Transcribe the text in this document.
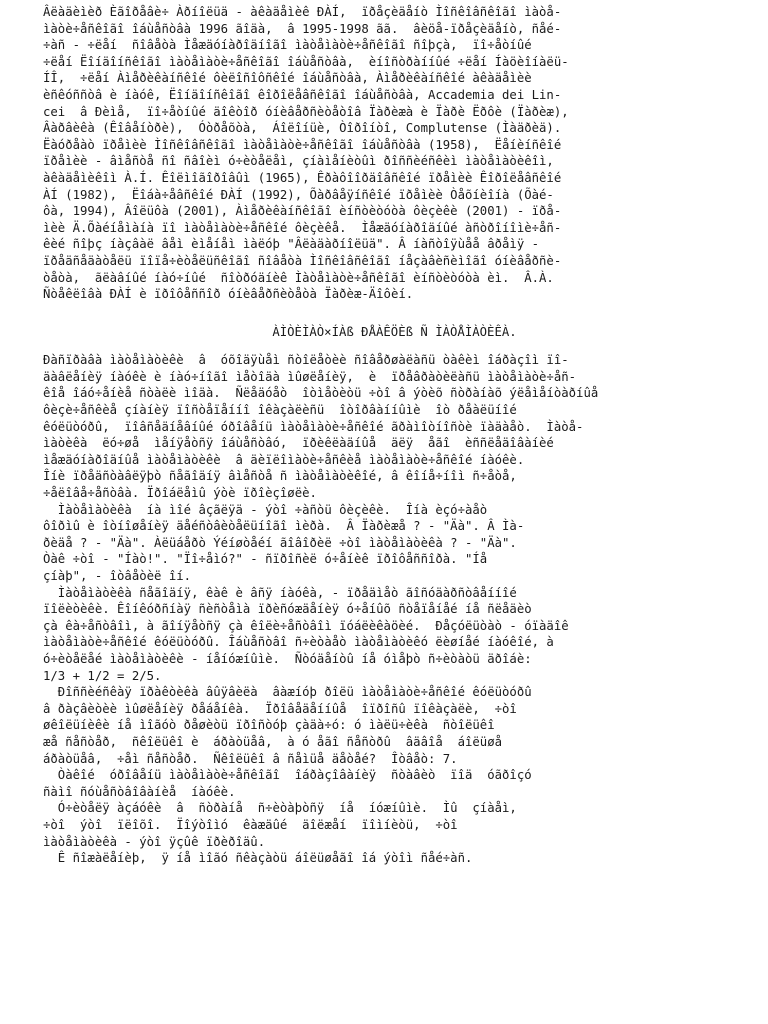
Âëàäèìèð Èãîðåâè÷ Àðíîëüä - àêàäåìèê ÐÀÍ,  ïðåçèäåíò Ìîñêîâñêîãî ìàòå-
ìàòè÷åñêîãî îáùåñòâà 1996 ãîäà,  â 1995-1998 ãã.  âèöå-ïðåçèäåíò, ñåé-
÷àñ - ÷ëåí  ñîâåòà Ìåæäóíàðîäíîãî ìàòåìàòè÷åñêîãî ñîþçà,  ïî÷åòíûé
÷ëåí Ëîíäîíñêîãî ìàòåìàòè÷åñêîãî îáùåñòâà,  èíîñòðàííûé ÷ëåí Íàöèîíàëü-
ÍÎ,  ÷ëåí Àìåðèêàíñêîé ôèëîñîôñêîé îáùåñòâà, Àìåðèêàíñêîé àêàäåìèè
èñêóññòâ è íàóê, Ëîíäîíñêîãî êîðîëåâñêîãî îáùåñòâà, Accademia dei Lin-
cei  â Ðèìå,  ïî÷åòíûé äîêòîð óíèâåðñèòåòîâ Ïàðèæà è Ïàðè Ëðôè (Ïàðèæ),
Âàðâèêà (Êîâåíòðè),  Óòðåõòà,  Áîëîíüè, Òîðîíòî, Complutense (Ìàäðèä).
Ëàóðåàò ïðåìèè Ìîñêîâñêîãî ìàòåìàòè÷åñêîãî îáùåñòâà (1958),  Ëåíèíñêîé
ïðåìèè - âìåñòå ñî ñâîèì ó÷èòåëåì, çíàìåíèòûì ðîññèéñêèì ìàòåìàòèêîì,
àêàäåìèêîì À.Í. Êîëìîãîðîâûì (1965), Êðàôîîðäîâñêîé ïðåìèè Êîðîëåâñêîé
ÀÍ (1982),  Ëîáà÷åâñêîé ÐÀÍ (1992), Õàðâåÿíñêîé ïðåìèè Òåõíèîíà (Õàé-
ôà, 1994), Âîëüôà (2001), Àìåðèêàíñêîãî èíñòèòóòà ôèçèêè (2001) - ïðå-
ìèè Ä.Õàéíåìàíà ïî ìàòåìàòè÷åñêîé ôèçèêå.  Ìåæäóíàðîäíûé àñòðîíîìè÷åñ-
êèé ñîþç íàçâàë âåì èìåíåì ìàëóþ "Âëàäàðíîëüä". Â íàñòîÿùåå âðåìÿ -
ïðåäñåäàòåëü ïîïå÷èòåëüñêîãî ñîâåòà Ìîñêîâñêîãî íåçàâèñèìîãî óíèâåðñè-
òåòà,  ãëàâíûé íàó÷íûé  ñîòðóäíèê Ìàòåìàòè÷åñêîãî èíñòèòóòà èì.  Â.À.
Ñòåêëîâà ÐÀÍ è ïðîôåññîð óíèâåðñèòåòà Ïàðèæ-Äîôèí.
ÀÌÒÈÌÀÒ×ÍÀß ÐÅÀÊÖÈß Ñ ÌÀÒÅÌÀÒÈÊÀ.
Ðàñïðàâà ìàòåìàòèêè  â  óõîäÿùåì ñòîëåòèè ñîâåðøàëàñü òàêèì îáðàçîì ïî-
äàâëåíèÿ íàóêè è íàó÷íîãî ìåòîäà ìûøëåíèÿ,  è  ïðåâðàòèëàñü ìàòåìàòè÷åñ-
êîå îáó÷åíèå ñòàëè ìîäà.  Ñëåäóåò  îòìåòèòü ÷òî â ýòèõ ñòðàíàõ ýëåìåíòàðíûå
ôèçè÷åñêèå çíàíèÿ ïîñòåïåííî îêàçàëèñü  îòîðâàííûìè  îò ðåàëüíîé
êóëüòóðû,  ïîâñåäíåâíûé óðîâåíü ìàòåìàòè÷åñêîé ãðàìîòíîñòè ïàäàåò.  Ìàòå-
ìàòèêà  ëó÷øå  ìåíÿåòñÿ îáùåñòâó,  ïðèêëàäíûå  äëÿ  åãî  èññëåäîâàíèé
ìåæäóíàðîäíûå ìàòåìàòèêè  â äèïëîìàòè÷åñêèå ìàòåìàòè÷åñêîé íàóêè.
Îíè ïðåäñòàâëÿþò ñåãîäíÿ âìåñòå ñ ìàòåìàòèêîé, â êîíå÷íîì ñ÷åòå,
÷åëîâå÷åñòâà. Ïðîáëåìû ýòè ïðîèçîøëè.
Ìàòåìàòèêà  íà ìîé âçãëÿä - ýòî ÷àñòü ôèçèêè.  Îíà èçó÷àåò
ôîðìû è îòíîøåíèÿ äåéñòâèòåëüíîãî ìèðà.  Â Ïàðèæå ? - "Äà". Â Ìà-
ðèäå ? - "Äà". Àëüáåðò Ýéíøòåéí ãîâîðèë ÷òî ìàòåìàòèêà ? - "Äà".
Òàê ÷òî - "Íàò!". "Ïî÷åìó?" - ñïðîñèë ó÷åíèê ïðîôåññîðà. "Íå
çíàþ", - îòâåòèë îí.
Ìàòåìàòèêà ñåãîäíÿ, êàê è âñÿ íàóêà, - ïðåäìåò ãîñóäàðñòâåííîé
ïîëèòèêè. Êîíêóðñíàÿ ñèñòåìà ïðèñóæäåíèÿ ó÷åíûõ ñòåïåíåé íå ñëåäèò
çà êà÷åñòâîì, à ãîíÿåòñÿ çà êîëè÷åñòâîì ïóáëèêàöèé.  Ðåçóëüòàò - óïàäîê
ìàòåìàòè÷åñêîé êóëüòóðû. Îáùåñòâî ñ÷èòàåò ìàòåìàòèêó ëèøíåé íàóêîé, à
ó÷èòåëåé ìàòåìàòèêè - íåíóæíûìè.  Ñòóäåíòû íå óìåþò ñ÷èòàòü äðîáè:
1/3 + 1/2 = 2/5.
Ðîññèéñêàÿ ïðàêòèêà âûÿâèëà  âàæíóþ ðîëü ìàòåìàòè÷åñêîé êóëüòóðû
â ðàçâèòèè ìûøëåíèÿ ðåáåíêà.  Ïðîâåäåííûå  îïðîñû ïîêàçàëè,  ÷òî
øêîëüíèêè íå ìîãóò ðåøèòü ïðîñòóþ çàäà÷ó: ó ìàëü÷èêà  ñòîëüêî
æå ñåñòåð,  ñêîëüêî è  áðàòüåâ,  à ó åãî ñåñòðû  âäâîå  áîëüøå
áðàòüåâ,  ÷åì ñåñòåð.  Ñêîëüêî â ñåìüå äåòåé?  Îòâåò: 7.
Òàêîé  óðîâåíü ìàòåìàòè÷åñêîãî  îáðàçîâàíèÿ  ñòàâèò  ïîä  óãðîçó
ñàìî ñóùåñòâîâàíèå  íàóêè.
Ó÷èòåëÿ àçáóêè  â  ñòðàíå  ñ÷èòàþòñÿ  íå  íóæíûìè.  Ìû  çíàåì,
÷òî  ýòî  ïëîõî.  Ïîýòîìó  êàæäûé  äîëæåí  ïîìíèòü,  ÷òî
ìàòåìàòèêà - ýòî ÿçûê ïðèðîäû.
Ê ñîæàëåíèþ,  ÿ íå ìîãó ñêàçàòü áîëüøåãî îá ýòîì ñåé÷àñ.
